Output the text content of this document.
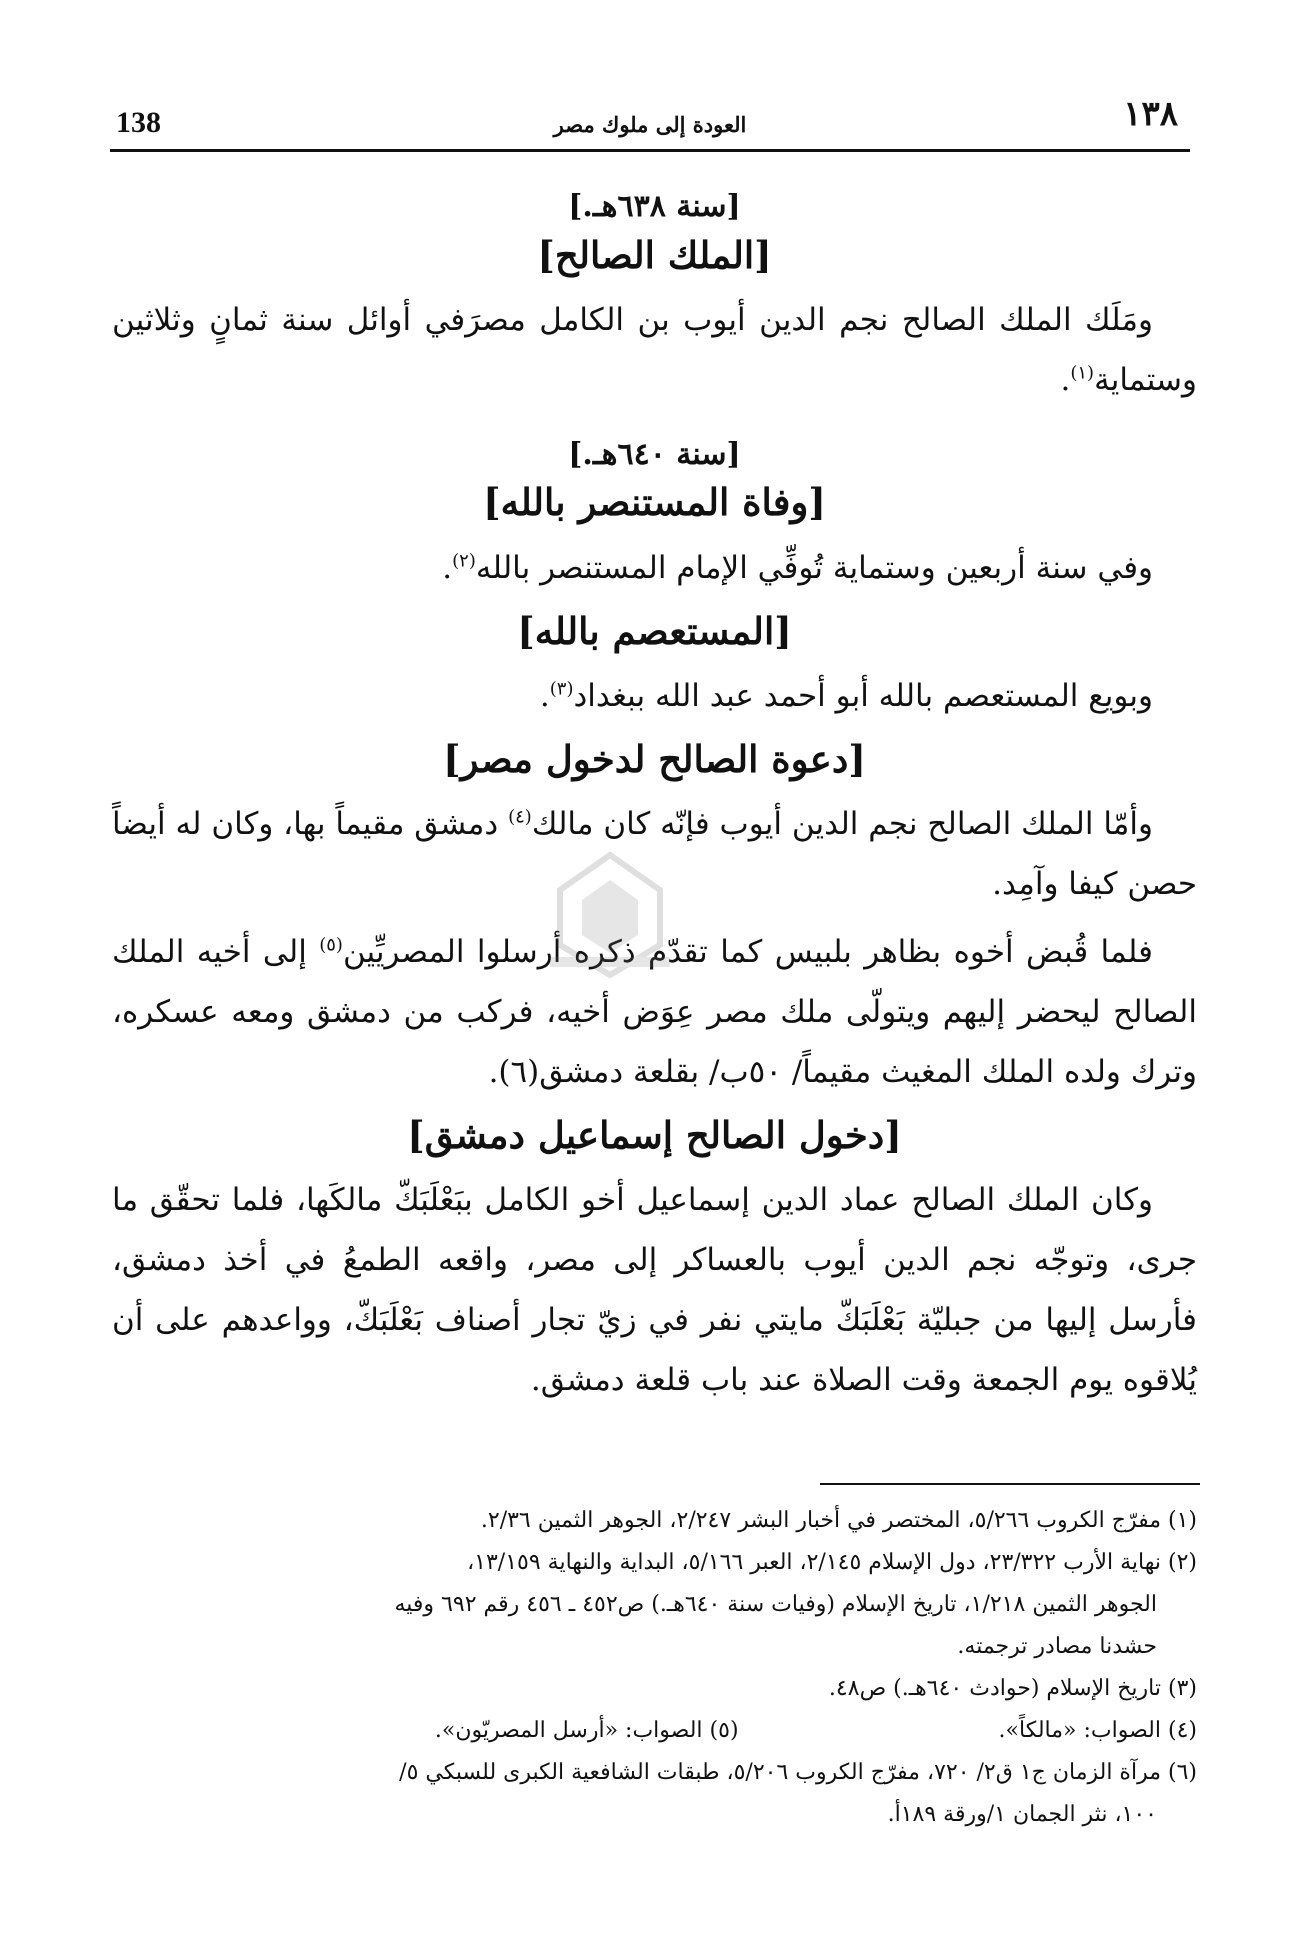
١٣٨
العودة إلى ملوك مصر
138
[سنة ٦٣٨هـ.]
[الملك الصالح]

ومَلَك الملك الصالح نجم الدين أيوب بن الكامل مصرَفي أوائل سنة ثمانٍ وثلاثين وستماية$^{(١)}$.

[سنة ٦٤٠هـ.]
[وفاة المستنصر بالله]

وفي سنة أربعين وستماية تُوفِّي الإمام المستنصر بالله$^{(٢)}$.

[المستعصم بالله]

وبويع المستعصم بالله أبو أحمد عبد الله ببغداد$^{(٣)}$.

[دعوة الصالح لدخول مصر]

وأمّا الملك الصالح نجم الدين أيوب فإنّه كان مالك$^{(٤)}$ دمشق مقيماً بها، وكان له أيضاً حصن كيفا وآمِد.

فلما قُبض أخوه بظاهر بلبيس كما تقدّم ذكره أرسلوا المصريِّين$^{(٥)}$ إلى أخيه الملك الصالح ليحضر إليهم ويتولّى ملك مصر عِوَض أخيه، فركب من دمشق ومعه عسكره، وترك ولده الملك المغيث مقيماً/ ٥٠ب/ بقلعة دمشق(٦).

[دخول الصالح إسماعيل دمشق]

وكان الملك الصالح عماد الدين إسماعيل أخو الكامل ببَعْلَبَكّ مالكَها، فلما تحقّق ما جرى، وتوجّه نجم الدين أيوب بالعساكر إلى مصر، واقعه الطمعُ في أخذ دمشق، فأرسل إليها من جبليّة بَعْلَبَكّ مايتي نفر في زيّ تجار أصناف بَعْلَبَكّ، وواعدهم على أن يُلاقوه يوم الجمعة وقت الصلاة عند باب قلعة دمشق.

(١) مفرّج الكروب ٥/٢٦٦، المختصر في أخبار البشر ٢/٢٤٧، الجوهر الثمين ٢/٣٦.

(٢) نهاية الأرب ٢٣/٣٢٢، دول الإسلام ٢/١٤٥، العبر ٥/١٦٦، البداية والنهاية ١٣/١٥٩،

الجوهر الثمين ١/٢١٨، تاريخ الإسلام (وفيات سنة ٦٤٠هـ.) ص٤٥٢ ـ ٤٥٦ رقم ٦٩٢ وفيه

حشدنا مصادر ترجمته.

(٣) تاريخ الإسلام (حوادث ٦٤٠هـ.) ص٤٨.

(٤) الصواب: «مالكاً».
(٥) الصواب: «أرسل المصريّون».

(٦) مرآة الزمان ج١ ق٢/ ٧٢٠، مفرّج الكروب ٥/٢٠٦، طبقات الشافعية الكبرى للسبكي ٥/

١٠٠، نثر الجمان ١/ورقة ١٨٩أ.
